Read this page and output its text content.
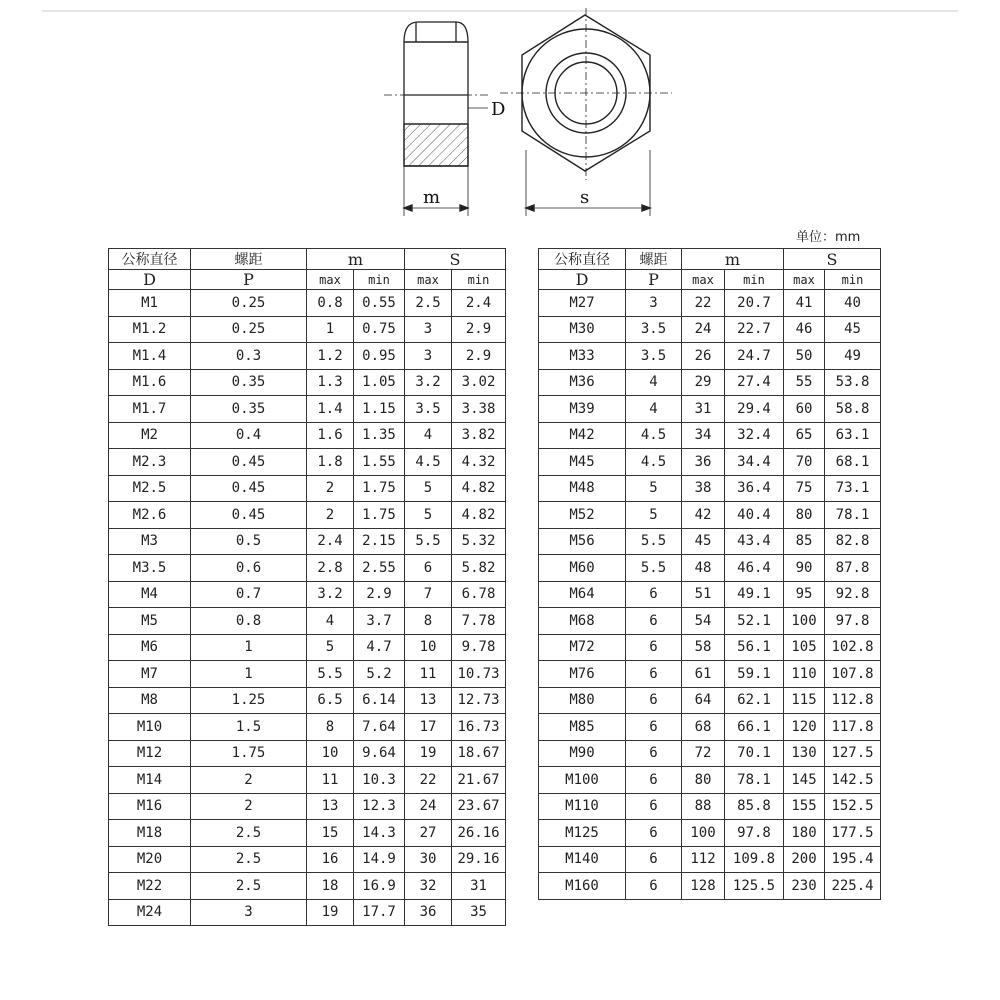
D
m	s
单位：mm
公称直径	螺距	m		S	
D	P				
		max	min	max	min
M1	0.25	0.8	0.55	2.5	2.4
M1.2	0.25	1	0.75	3	2.9
M1.4	0.3	1.2	0.95	3	2.9
M1.6	0.35	1.3	1.05	3.2	3.02
M1.7	0.35	1.4	1.15	3.5	3.38
M2	0.4	1.6	1.35	4	3.82
M2.3	0.45	1.8	1.55	4.5	4.32
M2.5	0.45	2	1.75	5	4.82
M2.6	0.45	2	1.75	5	4.82
M3	0.5	2.4	2.15	5.5	5.32
M3.5	0.6	2.8	2.55	6	5.82
M4	0.7	3.2	2.9	7	6.78
M5	0.8	4	3.7	8	7.78
M6	1	5	4.7	10	9.78
M7	1	5.5	5.2	11	10.73
M8	1.25	6.5	6.14	13	12.73
M10	1.5	8	7.64	17	16.73
M12	1.75	10	9.64	19	18.67
M14	2	11	10.3	22	21.67
M16	2	13	12.3	24	23.67
M18	2.5	15	14.3	27	26.16
M20	2.5	16	14.9	30	29.16
M22	2.5	18	16.9	32	31
M24	3	19	17.7	36	35
公称直径	螺距	m		S	
D	P				
		max	min	max	min
M27	3	22	20.7	41	40
M30	3.5	24	22.7	46	45
M33	3.5	26	24.7	50	49
M36	4	29	27.4	55	53.8
M39	4	31	29.4	60	58.8
M42	4.5	34	32.4	65	63.1
M45	4.5	36	34.4	70	68.1
M48	5	38	36.4	75	73.1
M52	5	42	40.4	80	78.1
M56	5.5	45	43.4	85	82.8
M60	5.5	48	46.4	90	87.8
M64	6	51	49.1	95	92.8
M68	6	54	52.1	100	97.8
M72	6	58	56.1	105	102.8
M76	6	61	59.1	110	107.8
M80	6	64	62.1	115	112.8
M85	6	68	66.1	120	117.8
M90	6	72	70.1	130	127.5
M100	6	80	78.1	145	142.5
M110	6	88	85.8	155	152.5
M125	6	100	97.8	180	177.5
M140	6	112	109.8	200	195.4
M160	6	128	125.5	230	225.4
